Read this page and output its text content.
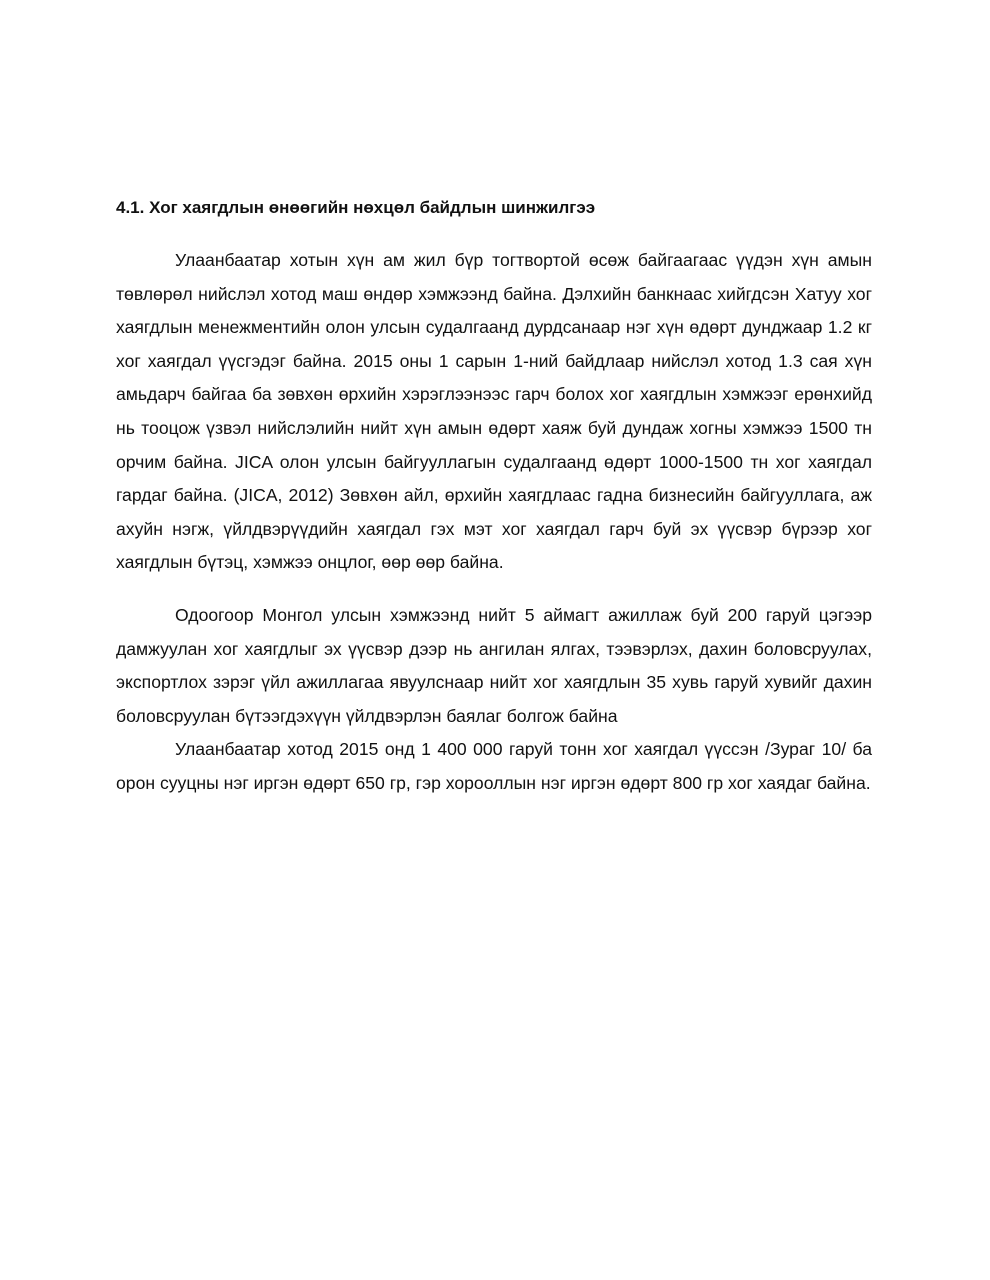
4.1. Хог хаягдлын өнөөгийн нөхцөл байдлын шинжилгээ

Улаанбаатар хотын хүн ам жил бүр тогтвортой өсөж байгаагаас үүдэн хүн амын төвлөрөл нийслэл хотод маш өндөр хэмжээнд байна. Дэлхийн банкнаас хийгдсэн Хатуу хог хаягдлын менежментийн олон улсын судалгаанд дурдсанаар нэг хүн өдөрт дунджаар 1.2 кг хог хаягдал үүсгэдэг байна. 2015 оны 1 сарын 1-ний байдлаар нийслэл хотод 1.3 сая хүн амьдарч байгаа ба зөвхөн өрхийн хэрэглээнээс гарч болох хог хаягдлын хэмжээг ерөнхийд нь тооцож үзвэл нийслэлийн нийт хүн амын өдөрт хаяж буй дундаж хогны хэмжээ 1500 тн орчим байна. JICA олон улсын байгууллагын судалгаанд өдөрт 1000-1500 тн хог хаягдал гардаг байна. (JICA, 2012) Зөвхөн айл, өрхийн хаягдлаас гадна бизнесийн байгууллага, аж ахуйн нэгж, үйлдвэрүүдийн хаягдал гэх мэт хог хаягдал гарч буй эх үүсвэр бүрээр хог хаягдлын бүтэц, хэмжээ онцлог, өөр өөр байна.

Одоогоор Монгол улсын хэмжээнд нийт 5 аймагт ажиллаж буй 200 гаруй цэгээр дамжуулан хог хаягдлыг эх үүсвэр дээр нь ангилан ялгах, тээвэрлэх, дахин боловсруулах, экспортлох зэрэг үйл ажиллагаа явуулснаар нийт хог хаягдлын 35 хувь гаруй хувийг дахин боловсруулан бүтээгдэхүүн үйлдвэрлэн баялаг болгож байна

Улаанбаатар хотод 2015 онд 1 400 000 гаруй тонн хог хаягдал үүссэн /Зураг 10/ ба орон сууцны нэг иргэн өдөрт 650 гр, гэр хорооллын нэг иргэн өдөрт 800 гр хог хаядаг байна.
